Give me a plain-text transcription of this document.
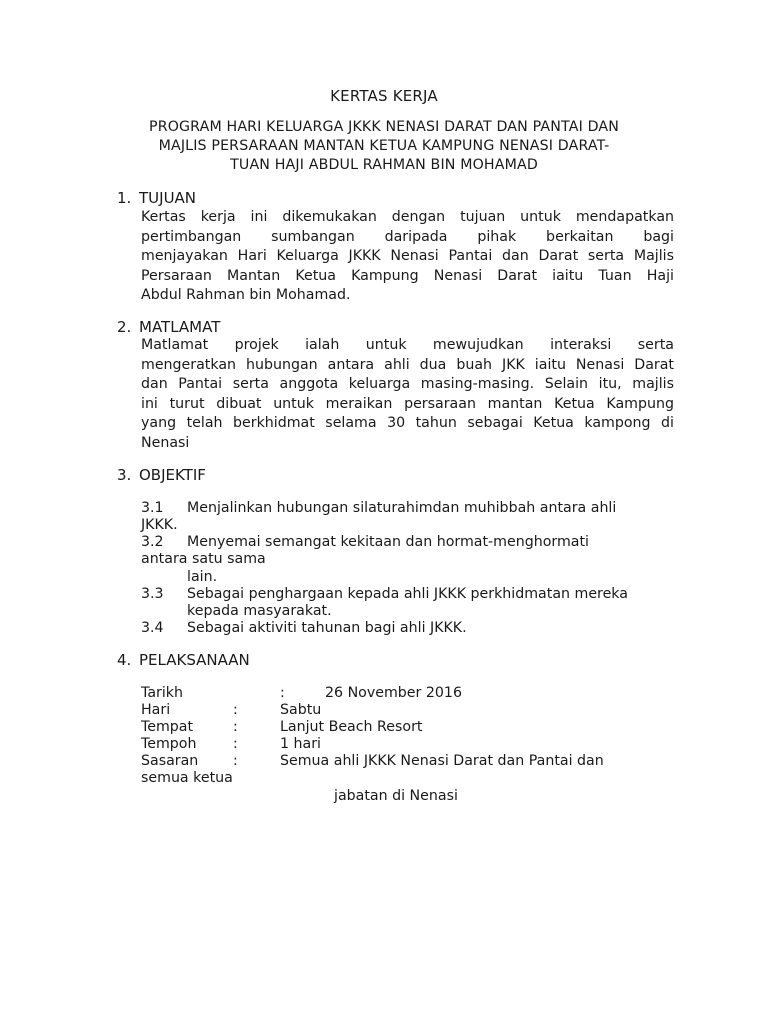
KERTAS KERJA
PROGRAM HARI KELUARGA JKKK NENASI DARAT DAN PANTAI DAN
MAJLIS PERSARAAN MANTAN KETUA KAMPUNG NENASI DARAT-
TUAN HAJI ABDUL RAHMAN BIN MOHAMAD
1. TUJUAN
Kertas kerja ini dikemukakan dengan tujuan untuk mendapatkan
pertimbangan sumbangan daripada pihak berkaitan bagi
menjayakan Hari Keluarga JKKK Nenasi Pantai dan Darat serta Majlis
Persaraan Mantan Ketua Kampung Nenasi Darat iaitu Tuan Haji
Abdul Rahman bin Mohamad.
2. MATLAMAT
Matlamat projek ialah untuk mewujudkan interaksi serta
mengeratkan hubungan antara ahli dua buah JKK iaitu Nenasi Darat
dan Pantai serta anggota keluarga masing-masing. Selain itu, majlis
ini turut dibuat untuk meraikan persaraan mantan Ketua Kampung
yang telah berkhidmat selama 30 tahun sebagai Ketua kampong di
Nenasi
3. OBJEKTIF
3.1 Menjalinkan hubungan silaturahimdan muhibbah antara ahli
JKKK.
3.2 Menyemai semangat kekitaan dan hormat-menghormati
antara satu sama
lain.
3.3 Sebagai penghargaan kepada ahli JKKK perkhidmatan mereka
kepada masyarakat.
3.4 Sebagai aktiviti tahunan bagi ahli JKKK.
4. PELAKSANAAN
Tarikh	:	26 November 2016
Hari	:	Sabtu
Tempat	:	Lanjut Beach Resort
Tempoh	:	1 hari
Sasaran :	Semua ahli JKKK Nenasi Darat dan Pantai dan
semua ketua
jabatan di Nenasi
